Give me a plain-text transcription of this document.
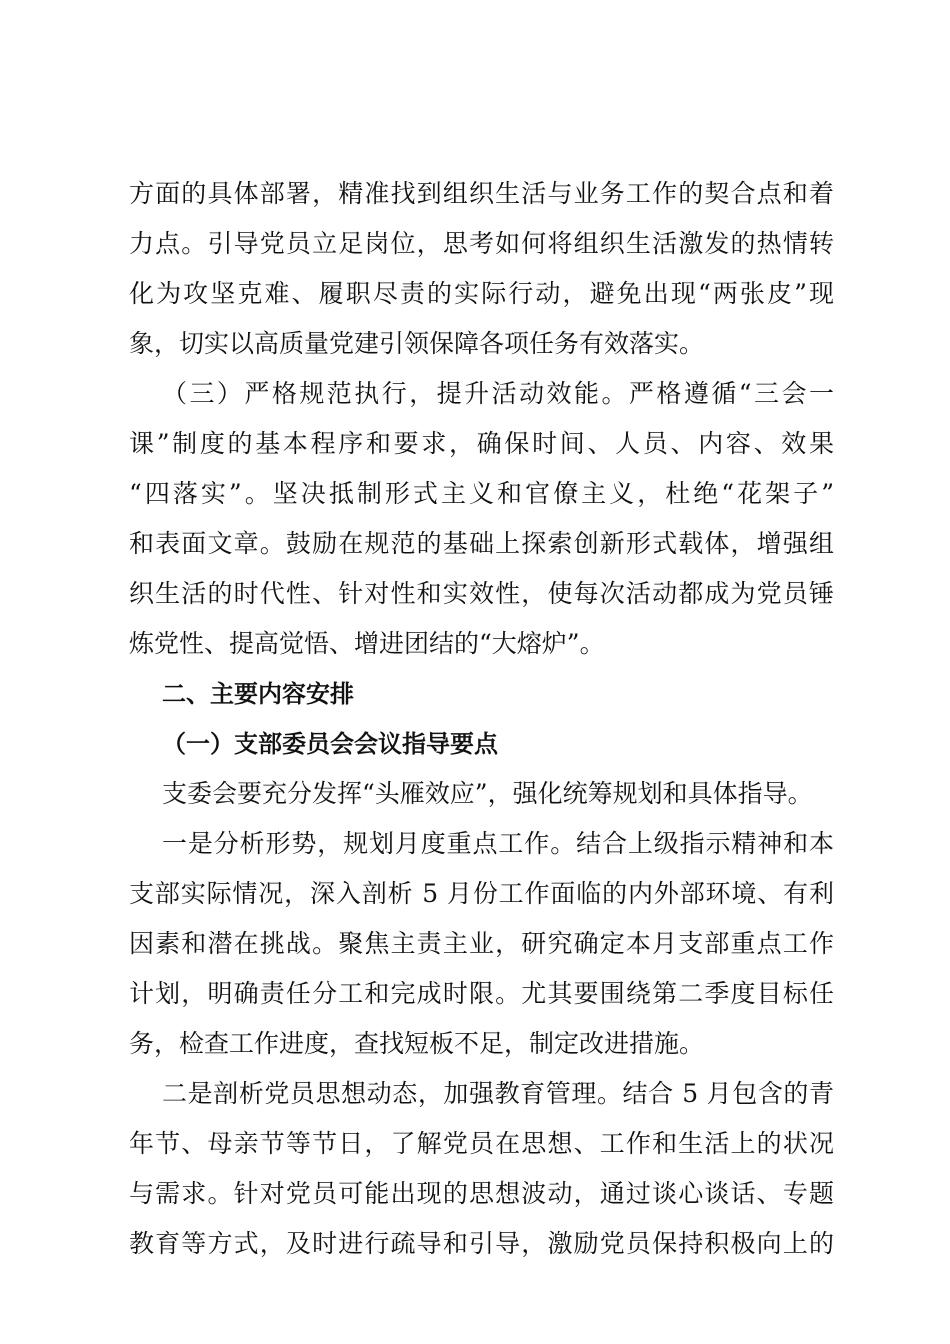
方面的具体部署，精准找到组织生活与业务工作的契合点和着

力点。引导党员立足岗位，思考如何将组织生活激发的热情转

化为攻坚克难、履职尽责的实际行动，避免出现“两张皮”现

象，切实以高质量党建引领保障各项任务有效落实。

（三）严格规范执行，提升活动效能。严格遵循“三会一

课”制度的基本程序和要求，确保时间、人员、内容、效果

“四落实”。坚决抵制形式主义和官僚主义，杜绝“花架子”

和表面文章。鼓励在规范的基础上探索创新形式载体，增强组

织生活的时代性、针对性和实效性，使每次活动都成为党员锤

炼党性、提高觉悟、增进团结的“大熔炉”。

二、主要内容安排
（一）支部委员会会议指导要点

支委会要充分发挥“头雁效应”，强化统筹规划和具体指导。

一是分析形势，规划月度重点工作。结合上级指示精神和本

支部实际情况，深入剖析 5 月份工作面临的内外部环境、有利

因素和潜在挑战。聚焦主责主业，研究确定本月支部重点工作

计划，明确责任分工和完成时限。尤其要围绕第二季度目标任

务，检查工作进度，查找短板不足，制定改进措施。

二是剖析党员思想动态，加强教育管理。结合 5 月包含的青

年节、母亲节等节日，了解党员在思想、工作和生活上的状况

与需求。针对党员可能出现的思想波动，通过谈心谈话、专题

教育等方式，及时进行疏导和引导，激励党员保持积极向上的
